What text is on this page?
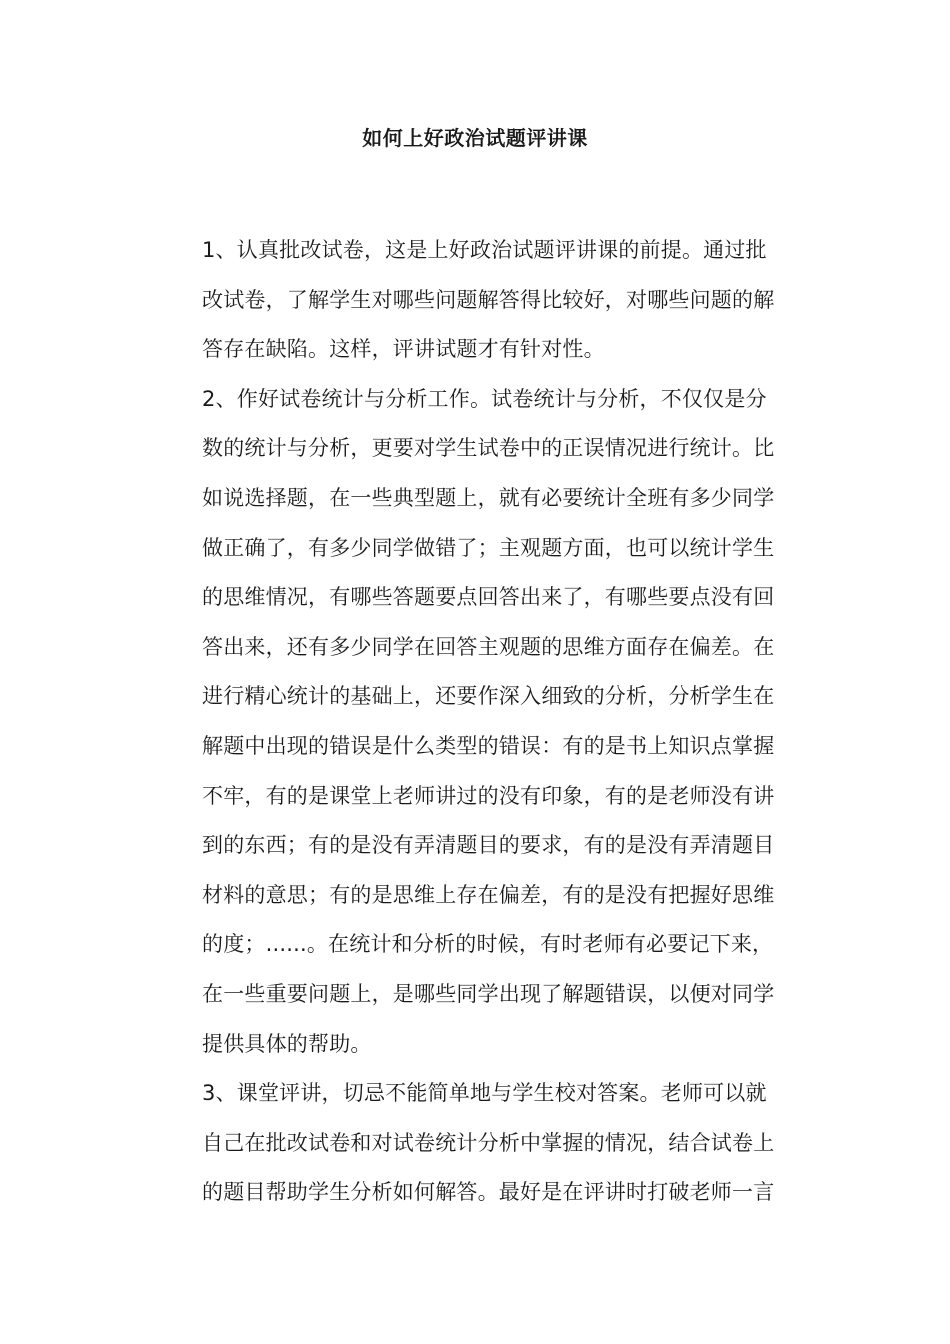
如何上好政治试题评讲课
1、认真批改试卷，这是上好政治试题评讲课的前提。通过批
改试卷，了解学生对哪些问题解答得比较好，对哪些问题的解
答存在缺陷。这样，评讲试题才有针对性。
2、作好试卷统计与分析工作。试卷统计与分析，不仅仅是分
数的统计与分析，更要对学生试卷中的正误情况进行统计。比
如说选择题，在一些典型题上，就有必要统计全班有多少同学
做正确了，有多少同学做错了；主观题方面，也可以统计学生
的思维情况，有哪些答题要点回答出来了，有哪些要点没有回
答出来，还有多少同学在回答主观题的思维方面存在偏差。在
进行精心统计的基础上，还要作深入细致的分析，分析学生在
解题中出现的错误是什么类型的错误：有的是书上知识点掌握
不牢，有的是课堂上老师讲过的没有印象，有的是老师没有讲
到的东西；有的是没有弄清题目的要求，有的是没有弄清题目
材料的意思；有的是思维上存在偏差，有的是没有把握好思维
的度；......。在统计和分析的时候，有时老师有必要记下来，
在一些重要问题上，是哪些同学出现了解题错误，以便对同学
提供具体的帮助。
3、课堂评讲，切忌不能简单地与学生校对答案。老师可以就
自己在批改试卷和对试卷统计分析中掌握的情况，结合试卷上
的题目帮助学生分析如何解答。最好是在评讲时打破老师一言
